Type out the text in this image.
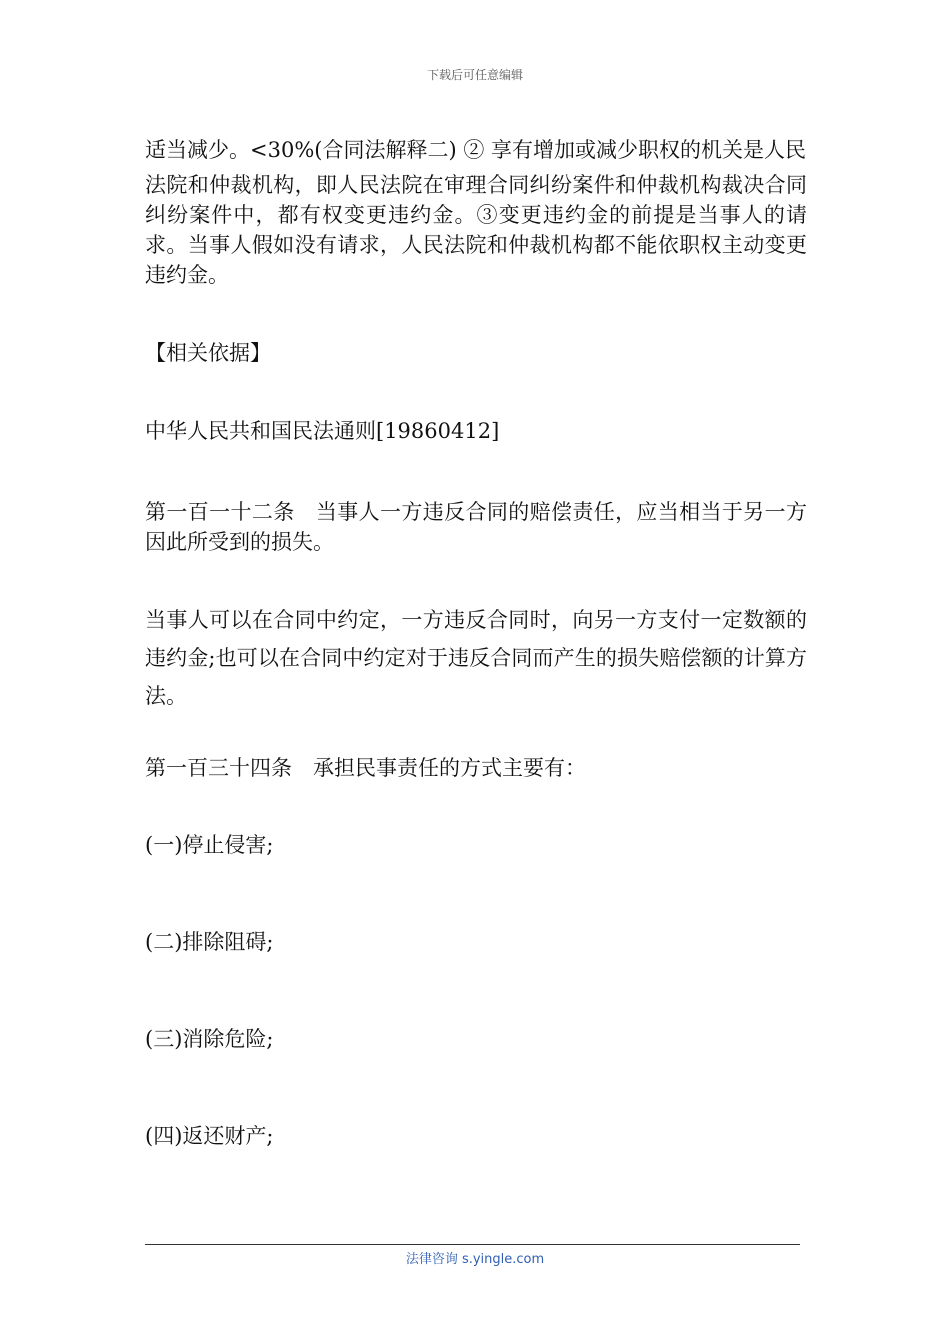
下载后可任意编辑

适当减少。<30%(合同法解释二) ② 享有增加或减少职权的机关是人民

法院和仲裁机构，即人民法院在审理合同纠纷案件和仲裁机构裁决合同纠纷案件中，都有权变更违约金。③变更违约金的前提是当事人的请求。当事人假如没有请求，人民法院和仲裁机构都不能依职权主动变更违约金。

【相关依据】

中华人民共和国民法通则[19860412]

第一百一十二条　当事人一方违反合同的赔偿责任，应当相当于另一方因此所受到的损失。

当事人可以在合同中约定，一方违反合同时，向另一方支付一定数额的违约金;也可以在合同中约定对于违反合同而产生的损失赔偿额的计算方法。

第一百三十四条　承担民事责任的方式主要有：

(一)停止侵害;

(二)排除阻碍;

(三)消除危险;

(四)返还财产;

法律咨询 s.yingle.com
